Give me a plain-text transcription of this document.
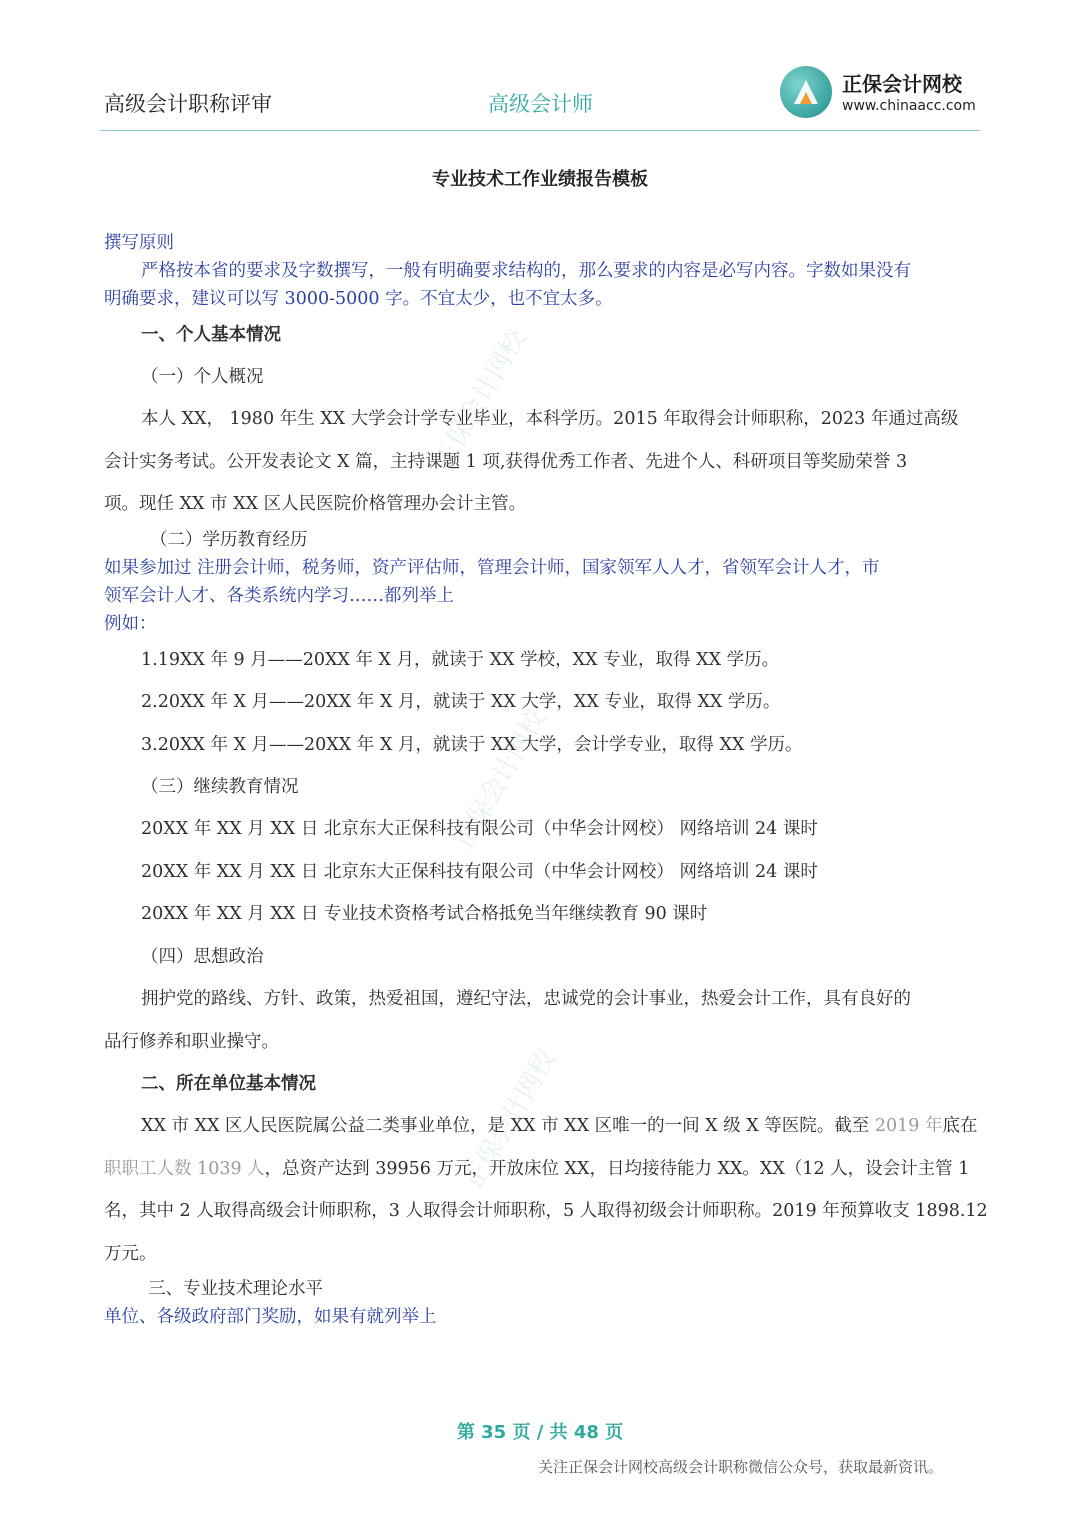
正保会计网校
正保会计网校
正保会计网校
高级会计职称评审	高级会计师
正保会计网校
www.chinaacc.com
专业技术工作业绩报告模板
撰写原则
严格按本省的要求及字数撰写，一般有明确要求结构的，那么要求的内容是必写内容。字数如果没有
明确要求，建议可以写 3000-5000 字。不宜太少，也不宜太多。
一、个人基本情况
（一）个人概况
本人 XX， 1980 年生 XX 大学会计学专业毕业，本科学历。2015 年取得会计师职称，2023 年通过高级
会计实务考试。公开发表论文 X 篇，主持课题 1 项,获得优秀工作者、先进个人、科研项目等奖励荣誉 3
项。现任 XX 市 XX 区人民医院价格管理办会计主管。
（二）学历教育经历
如果参加过 注册会计师，税务师，资产评估师，管理会计师，国家领军人人才，省领军会计人才，市
领军会计人才、各类系统内学习……都列举上
例如：
1.19XX 年 9 月——20XX 年 X 月，就读于 XX 学校，XX 专业，取得 XX 学历。
2.20XX 年 X 月——20XX 年 X 月，就读于 XX 大学，XX 专业，取得 XX 学历。
3.20XX 年 X 月——20XX 年 X 月，就读于 XX 大学，会计学专业，取得 XX 学历。
（三）继续教育情况
20XX 年 XX 月 XX 日 北京东大正保科技有限公司（中华会计网校） 网络培训 24 课时
20XX 年 XX 月 XX 日 北京东大正保科技有限公司（中华会计网校） 网络培训 24 课时
20XX 年 XX 月 XX 日 专业技术资格考试合格抵免当年继续教育 90 课时
（四）思想政治
拥护党的路线、方针、政策，热爱祖国，遵纪守法，忠诚党的会计事业，热爱会计工作，具有良好的
品行修养和职业操守。
二、所在单位基本情况
XX 市 XX 区人民医院属公益二类事业单位，是 XX 市 XX 区唯一的一间 X 级 X 等医院。截至 2019 年底在
职职工人数 1039 人，总资产达到 39956 万元，开放床位 XX，日均接待能力 XX。XX（12 人，设会计主管 1
名，其中 2 人取得高级会计师职称，3 人取得会计师职称，5 人取得初级会计师职称。2019 年预算收支 1898.12
万元。
三、专业技术理论水平
单位、各级政府部门奖励，如果有就列举上
第 35 页 / 共 48 页
关注正保会计网校高级会计职称微信公众号，获取最新资讯。
